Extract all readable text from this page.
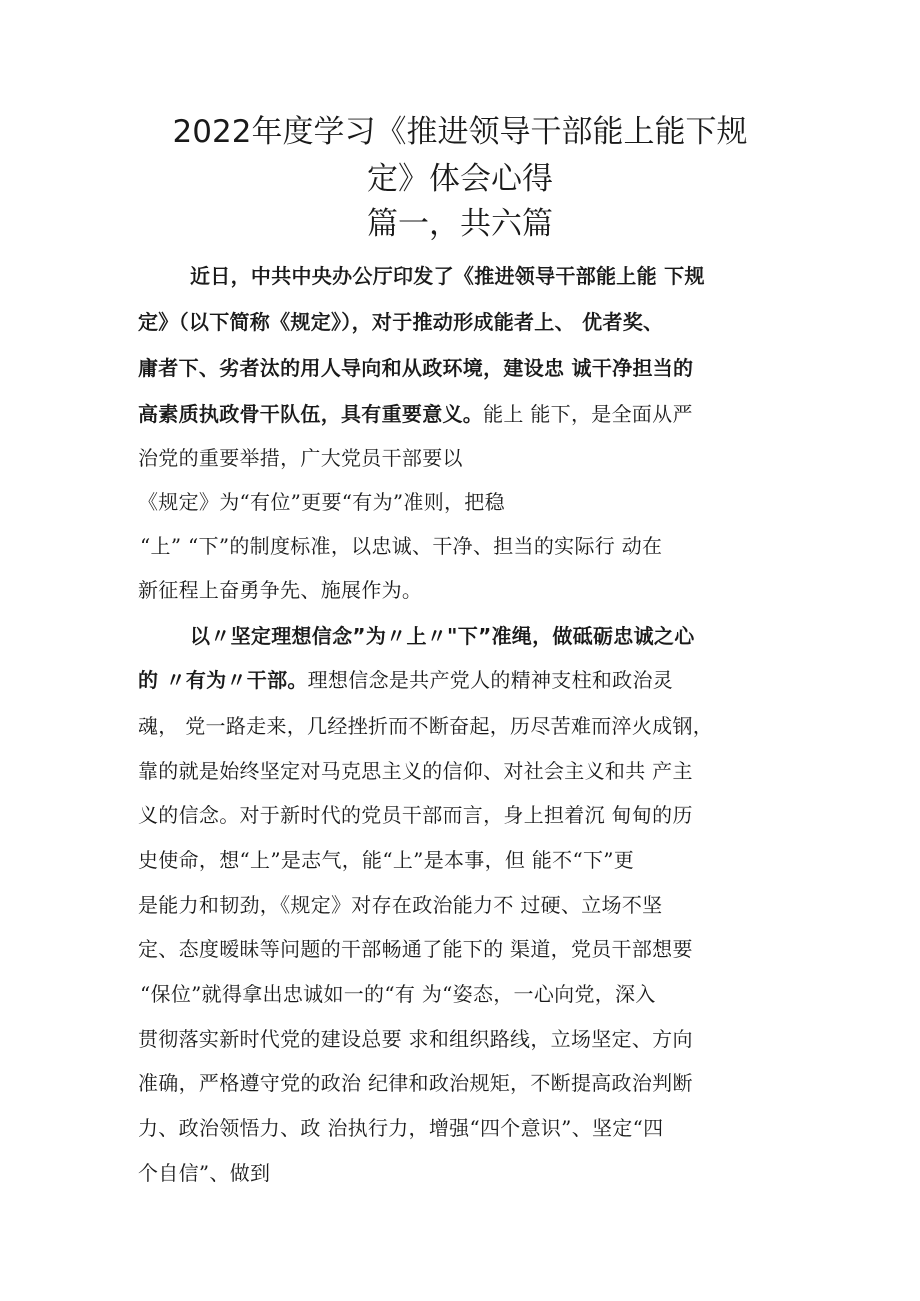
2022年度学习《推进领导干部能上能下规
定》体会心得
篇一，共六篇
近日，中共中央办公厅印发了《推进领导干部能上能 下规
定》（以下简称《规定》），对于推动形成能者上、 优者奖、
庸者下、劣者汰的用人导向和从政环境，建设忠 诚干净担当的
高素质执政骨干队伍，具有重要意义。能上 能下，是全面从严
治党的重要举措，广大党员干部要以
《规定》为“有位”更要“有为”准则，把稳
“上” “下”的制度标准，以忠诚、干净、担当的实际行 动在
新征程上奋勇争先、施展作为。
以〃坚定理想信念”为〃上〃"下”准绳，做砥砺忠诚之心
的 〃有为〃干部。理想信念是共产党人的精神支柱和政治灵
魂， 党一路走来，几经挫折而不断奋起，历尽苦难而淬火成钢，
靠的就是始终坚定对马克思主义的信仰、对社会主义和共 产主
义的信念。对于新时代的党员干部而言，身上担着沉 甸甸的历
史使命，想“上”是志气，能“上”是本事，但 能不“下”更
是能力和韧劲，《规定》对存在政治能力不 过硬、立场不坚
定、态度暧昧等问题的干部畅通了能下的 渠道，党员干部想要
“保位”就得拿出忠诚如一的“有 为“姿态，一心向党，深入
贯彻落实新时代党的建设总要 求和组织路线，立场坚定、方向
准确，严格遵守党的政治 纪律和政治规矩，不断提高政治判断
力、政治领悟力、政 治执行力，增强“四个意识”、坚定“四
个自信”、做到
